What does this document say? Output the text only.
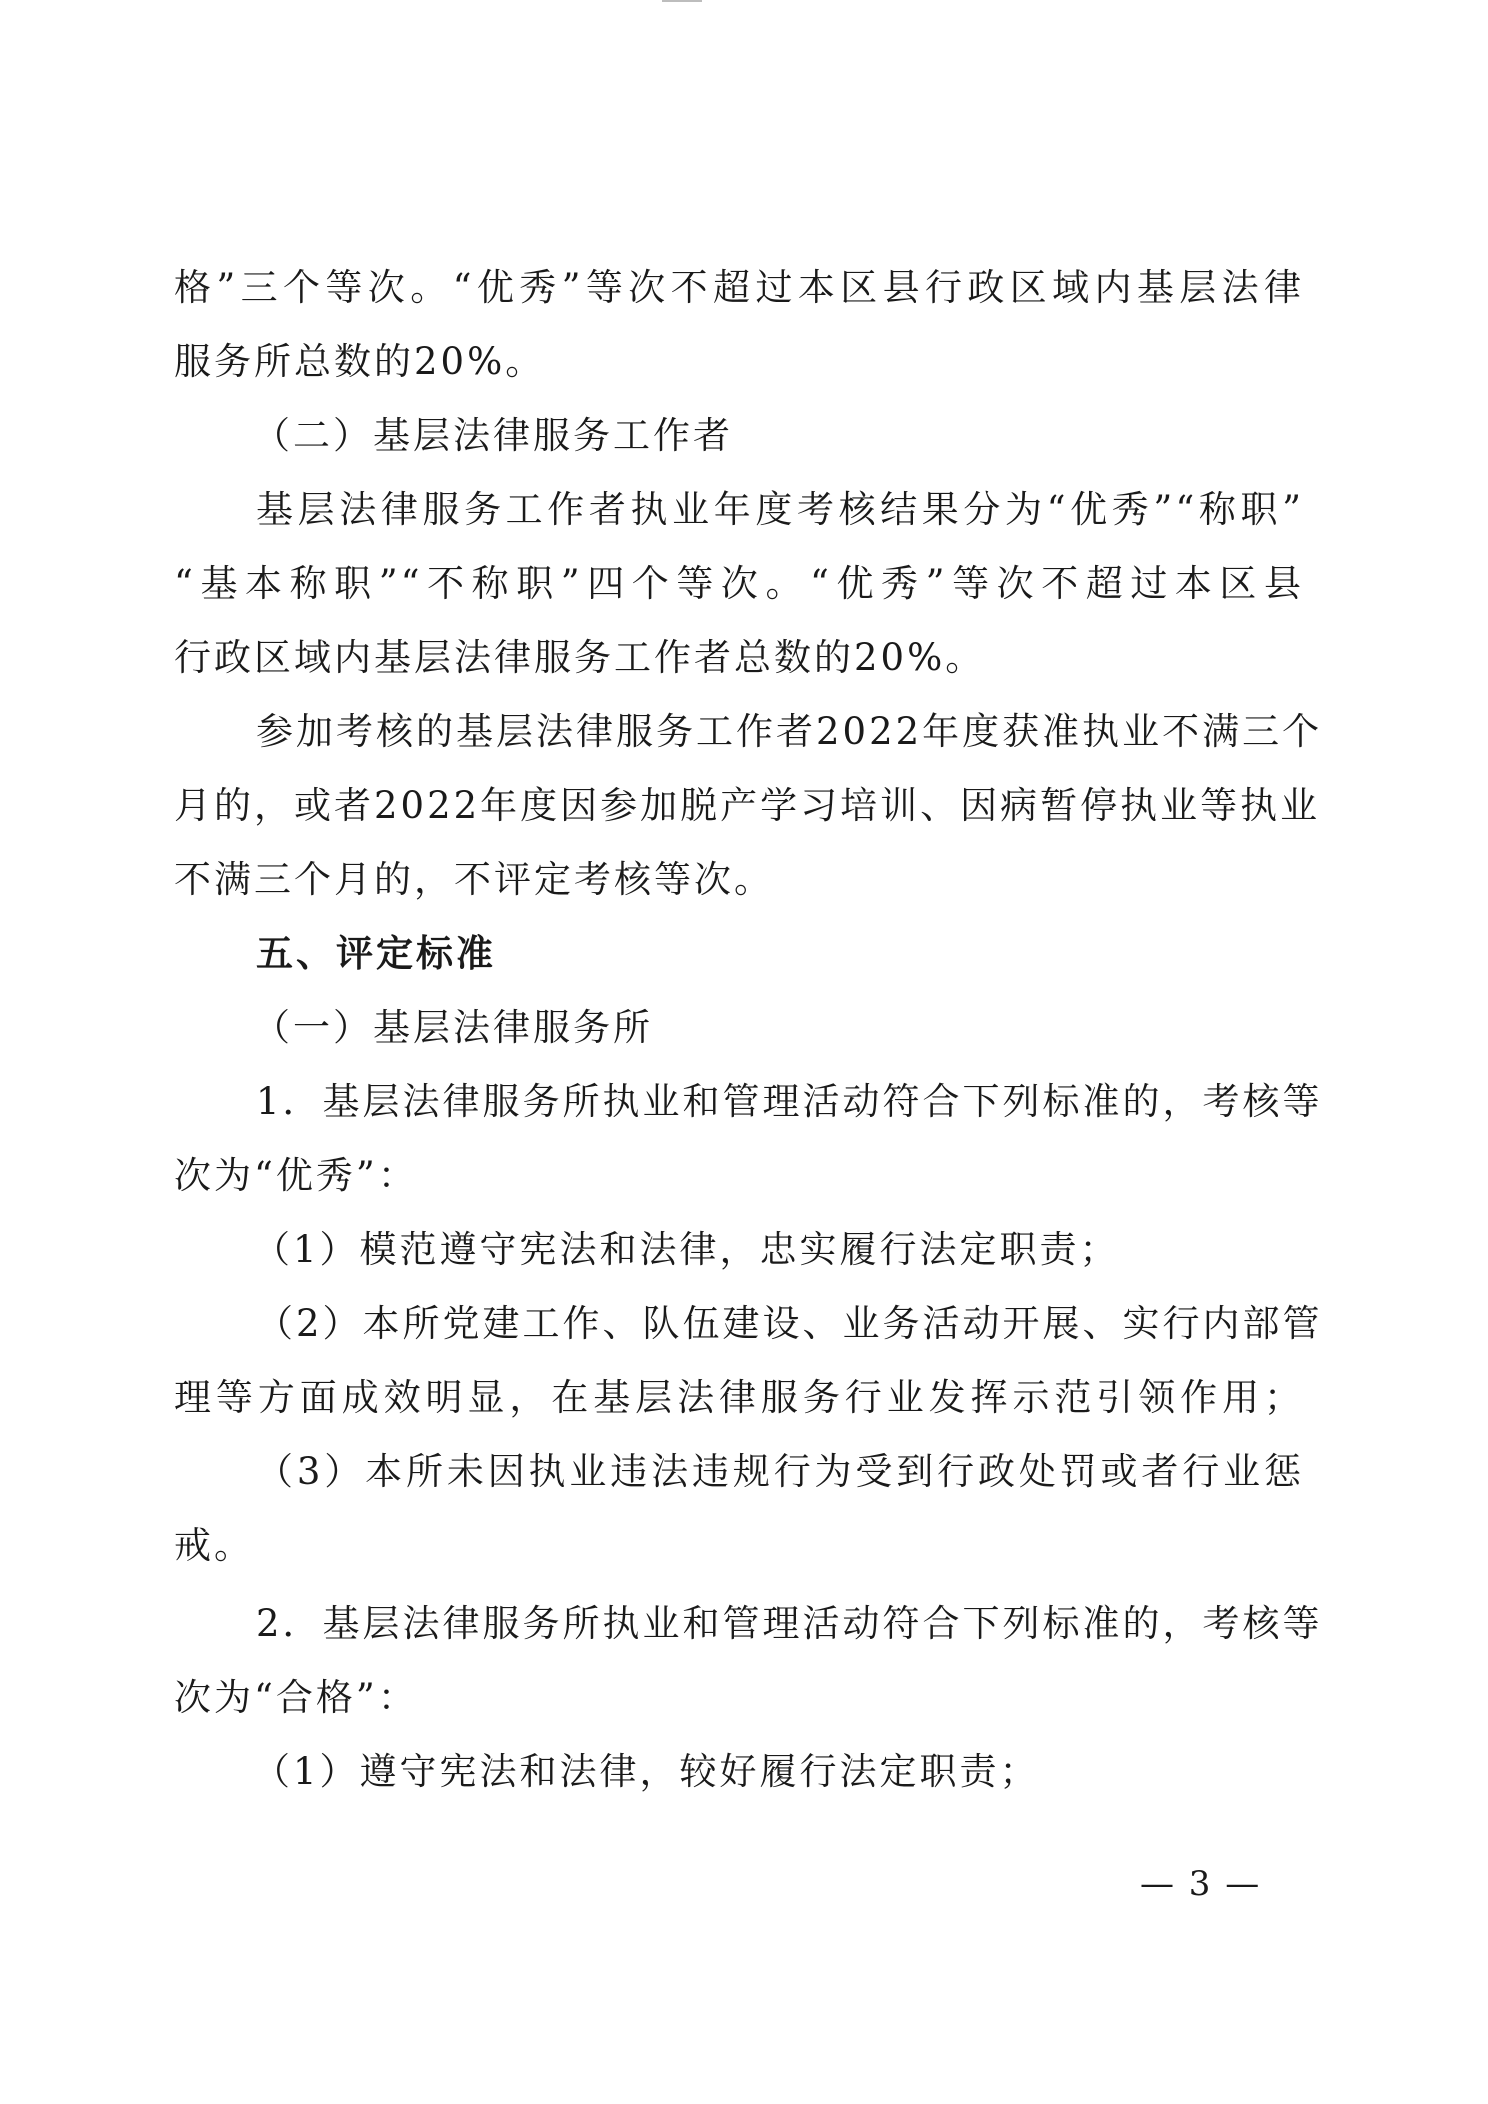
格”三个等次。“优秀”等次不超过本区县行政区域内基层法律
服务所总数的20%。
（二）基层法律服务工作者
基层法律服务工作者执业年度考核结果分为“优秀”“称职”
“基本称职”“不称职”四个等次。“优秀”等次不超过本区县
行政区域内基层法律服务工作者总数的20%。
参加考核的基层法律服务工作者2022年度获准执业不满三个
月的，或者2022年度因参加脱产学习培训、因病暂停执业等执业
不满三个月的，不评定考核等次。
五、评定标准
（一）基层法律服务所
1．基层法律服务所执业和管理活动符合下列标准的，考核等
次为“优秀”：
（1）模范遵守宪法和法律，忠实履行法定职责；
（2）本所党建工作、队伍建设、业务活动开展、实行内部管
理等方面成效明显，在基层法律服务行业发挥示范引领作用；
（3）本所未因执业违法违规行为受到行政处罚或者行业惩
戒。
2．基层法律服务所执业和管理活动符合下列标准的，考核等
次为“合格”：
（1）遵守宪法和法律，较好履行法定职责；
— 3 —
